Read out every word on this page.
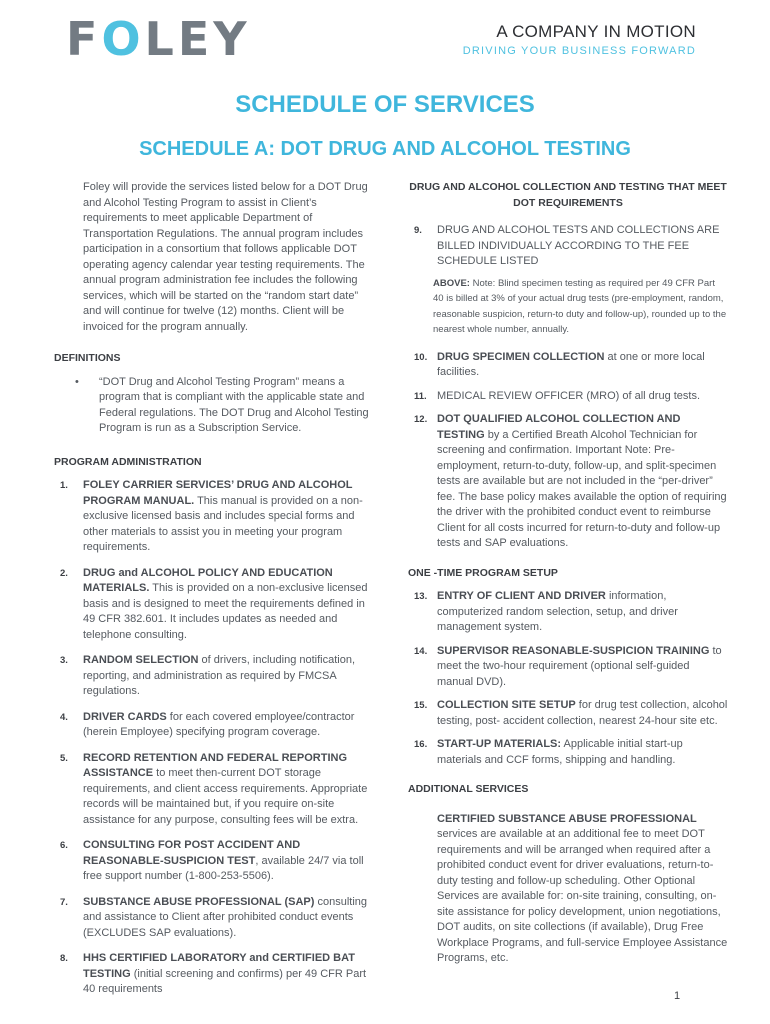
FOLEY	A COMPANY IN MOTION
DRIVING YOUR BUSINESS FORWARD
SCHEDULE OF SERVICES
SCHEDULE A: DOT DRUG AND ALCOHOL TESTING

Foley will provide the services listed below for a DOT Drug and Alcohol Testing Program to assist in Client’s requirements to meet applicable Department of Transportation Regulations. The annual program includes participation in a consortium that follows applicable DOT operating agency calendar year testing requirements. The annual program administration fee includes the following services, which will be started on the “random start date” and will continue for twelve (12) months. Client will be invoiced for the program annually.

DEFINITIONS

• “DOT Drug and Alcohol Testing Program” means a program that is compliant with the applicable state and Federal regulations. The DOT Drug and Alcohol Testing Program is run as a Subscription Service.

PROGRAM ADMINISTRATION

1. FOLEY CARRIER SERVICES’ DRUG AND ALCOHOL PROGRAM MANUAL. This manual is provided on a non-exclusive licensed basis and includes special forms and other materials to assist you in meeting your program requirements.
2. DRUG and ALCOHOL POLICY AND EDUCATION MATERIALS. This is provided on a non-exclusive licensed basis and is designed to meet the requirements defined in 49 CFR 382.601. It includes updates as needed and telephone consulting.
3. RANDOM SELECTION of drivers, including notification, reporting, and administration as required by FMCSA regulations.
4. DRIVER CARDS for each covered employee/contractor (herein Employee) specifying program coverage.
5. RECORD RETENTION AND FEDERAL REPORTING ASSISTANCE to meet then-current DOT storage requirements, and client access requirements. Appropriate records will be maintained but, if you require on-site assistance for any purpose, consulting fees will be extra.
6. CONSULTING FOR POST ACCIDENT AND REASONABLE-SUSPICION TEST, available 24/7 via toll free support number (1-800-253-5506).
7. SUBSTANCE ABUSE PROFESSIONAL (SAP) consulting and assistance to Client after prohibited conduct events (EXCLUDES SAP evaluations).
8. HHS CERTIFIED LABORATORY and CERTIFIED BAT TESTING (initial screening and confirms) per 49 CFR Part 40 requirements

DRUG AND ALCOHOL COLLECTION AND TESTING THAT MEET DOT REQUIREMENTS

9. DRUG AND ALCOHOL TESTS AND COLLECTIONS ARE BILLED INDIVIDUALLY ACCORDING TO THE FEE SCHEDULE LISTED

ABOVE: Note: Blind specimen testing as required per 49 CFR Part 40 is billed at 3% of your actual drug tests (pre-employment, random, reasonable suspicion, return-to duty and follow-up), rounded up to the nearest whole number, annually.

10. DRUG SPECIMEN COLLECTION at one or more local facilities.
11. MEDICAL REVIEW OFFICER (MRO) of all drug tests.
12. DOT QUALIFIED ALCOHOL COLLECTION AND TESTING by a Certified Breath Alcohol Technician for screening and confirmation. Important Note: Pre-employment, return-to-duty, follow-up, and split-specimen tests are available but are not included in the “per-driver” fee. The base policy makes available the option of requiring the driver with the prohibited conduct event to reimburse Client for all costs incurred for return-to-duty and follow-up tests and SAP evaluations.

ONE -TIME PROGRAM SETUP

13. ENTRY OF CLIENT AND DRIVER information, computerized random selection, setup, and driver management system.
14. SUPERVISOR REASONABLE-SUSPICION TRAINING to meet the two-hour requirement (optional self-guided manual DVD).
15. COLLECTION SITE SETUP for drug test collection, alcohol testing, post- accident collection, nearest 24-hour site etc.
16. START-UP MATERIALS: Applicable initial start-up materials and CCF forms, shipping and handling.

ADDITIONAL SERVICES

CERTIFIED SUBSTANCE ABUSE PROFESSIONAL services are available at an additional fee to meet DOT requirements and will be arranged when required after a prohibited conduct event for driver evaluations, return-to- duty testing and follow-up scheduling. Other Optional Services are available for: on-site training, consulting, on-site assistance for policy development, union negotiations, DOT audits, on site collections (if available), Drug Free Workplace Programs, and full-service Employee Assistance Programs, etc.

1
